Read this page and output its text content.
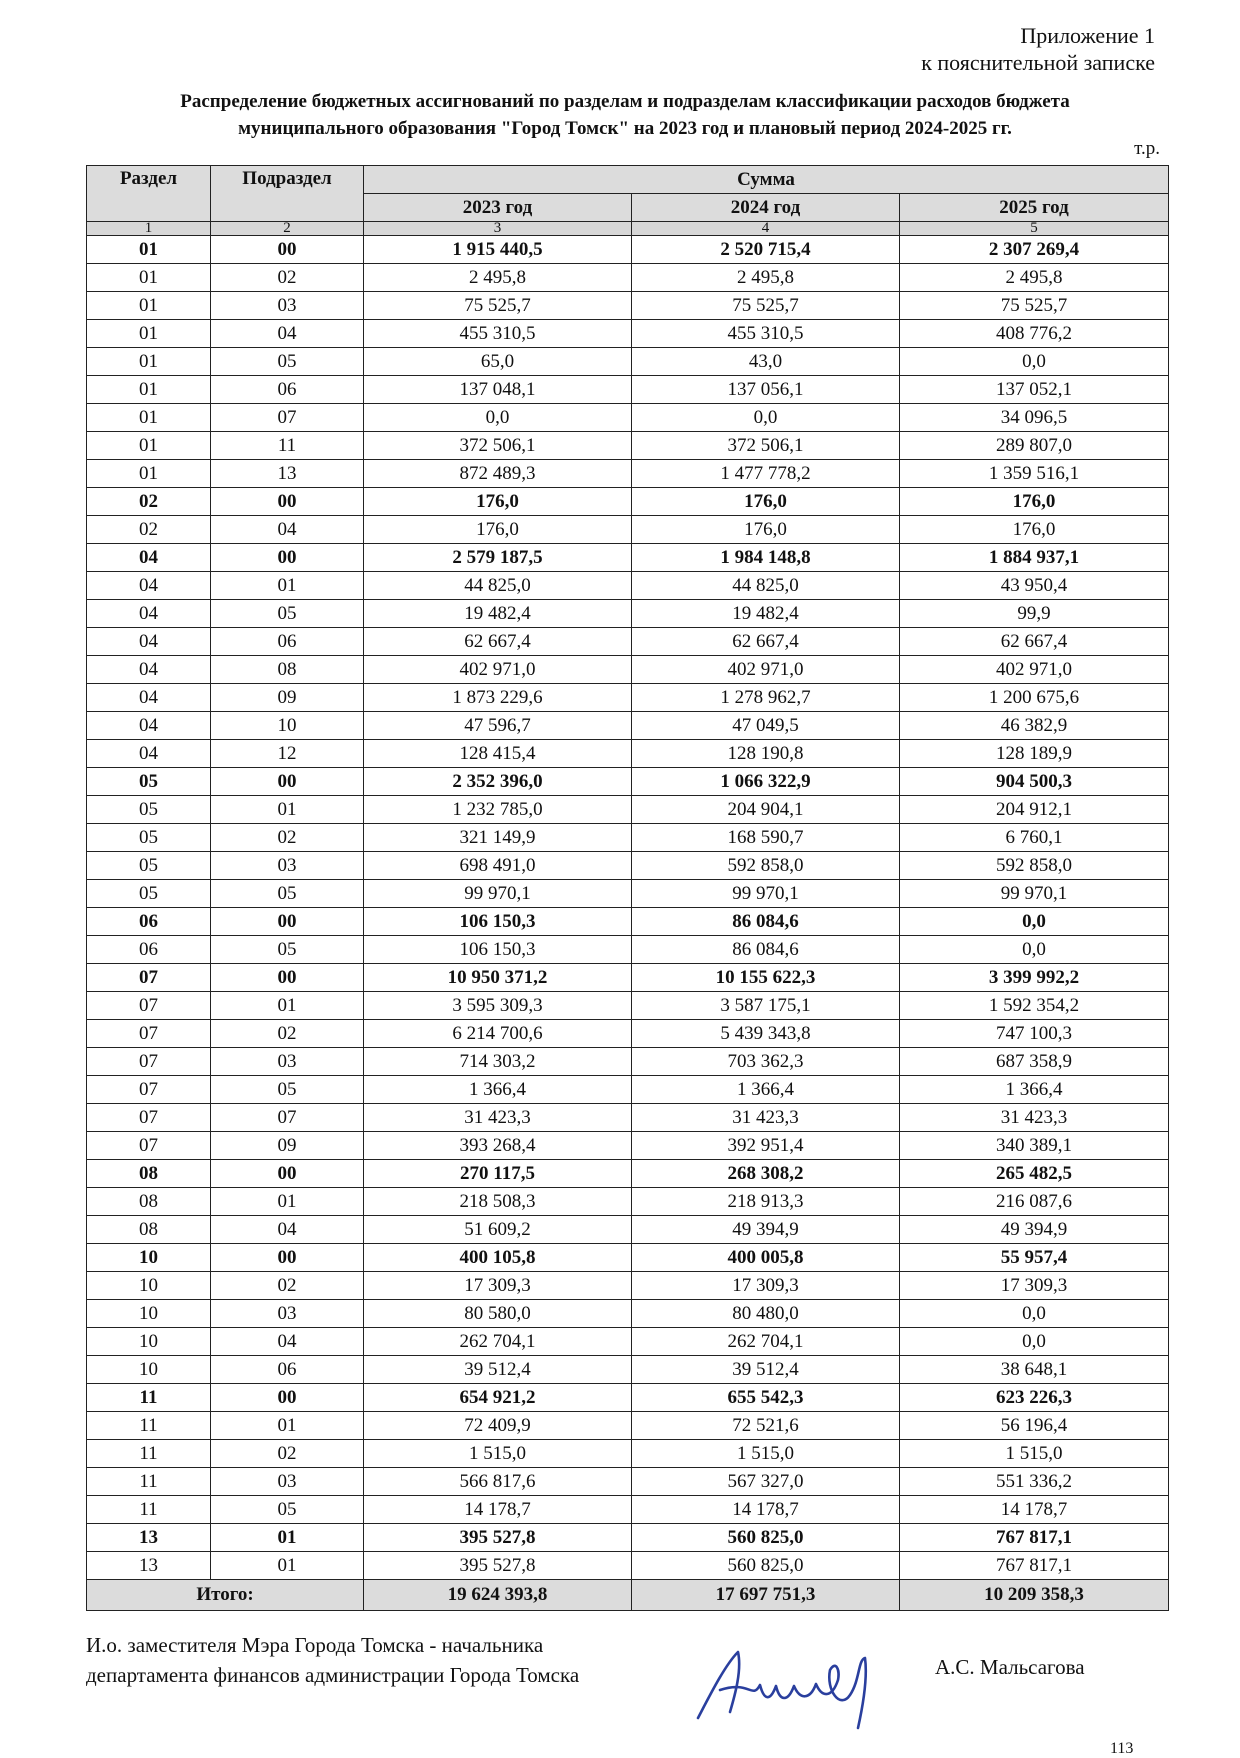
Приложение 1
к пояснительной записке
Распределение бюджетных ассигнований по разделам и подразделам классификации расходов бюджета
муниципального образования "Город Томск" на 2023 год и плановый период 2024-2025 гг.
т.р.
Раздел	Подраздел	Сумма		
		2023 год	2024 год	2025 год
1	2	3	4	5
01	00	1 915 440,5	2 520 715,4	2 307 269,4
01	02	2 495,8	2 495,8	2 495,8
01	03	75 525,7	75 525,7	75 525,7
01	04	455 310,5	455 310,5	408 776,2
01	05	65,0	43,0	0,0
01	06	137 048,1	137 056,1	137 052,1
01	07	0,0	0,0	34 096,5
01	11	372 506,1	372 506,1	289 807,0
01	13	872 489,3	1 477 778,2	1 359 516,1
02	00	176,0	176,0	176,0
02	04	176,0	176,0	176,0
04	00	2 579 187,5	1 984 148,8	1 884 937,1
04	01	44 825,0	44 825,0	43 950,4
04	05	19 482,4	19 482,4	99,9
04	06	62 667,4	62 667,4	62 667,4
04	08	402 971,0	402 971,0	402 971,0
04	09	1 873 229,6	1 278 962,7	1 200 675,6
04	10	47 596,7	47 049,5	46 382,9
04	12	128 415,4	128 190,8	128 189,9
05	00	2 352 396,0	1 066 322,9	904 500,3
05	01	1 232 785,0	204 904,1	204 912,1
05	02	321 149,9	168 590,7	6 760,1
05	03	698 491,0	592 858,0	592 858,0
05	05	99 970,1	99 970,1	99 970,1
06	00	106 150,3	86 084,6	0,0
06	05	106 150,3	86 084,6	0,0
07	00	10 950 371,2	10 155 622,3	3 399 992,2
07	01	3 595 309,3	3 587 175,1	1 592 354,2
07	02	6 214 700,6	5 439 343,8	747 100,3
07	03	714 303,2	703 362,3	687 358,9
07	05	1 366,4	1 366,4	1 366,4
07	07	31 423,3	31 423,3	31 423,3
07	09	393 268,4	392 951,4	340 389,1
08	00	270 117,5	268 308,2	265 482,5
08	01	218 508,3	218 913,3	216 087,6
08	04	51 609,2	49 394,9	49 394,9
10	00	400 105,8	400 005,8	55 957,4
10	02	17 309,3	17 309,3	17 309,3
10	03	80 580,0	80 480,0	0,0
10	04	262 704,1	262 704,1	0,0
10	06	39 512,4	39 512,4	38 648,1
11	00	654 921,2	655 542,3	623 226,3
11	01	72 409,9	72 521,6	56 196,4
11	02	1 515,0	1 515,0	1 515,0
11	03	566 817,6	567 327,0	551 336,2
11	05	14 178,7	14 178,7	14 178,7
13	01	395 527,8	560 825,0	767 817,1
13	01	395 527,8	560 825,0	767 817,1
Итого:		19 624 393,8	17 697 751,3	10 209 358,3
И.о. заместителя Мэра Города Томска - начальника
департамента финансов администрации Города Томска	А.С. Мальсагова
113
